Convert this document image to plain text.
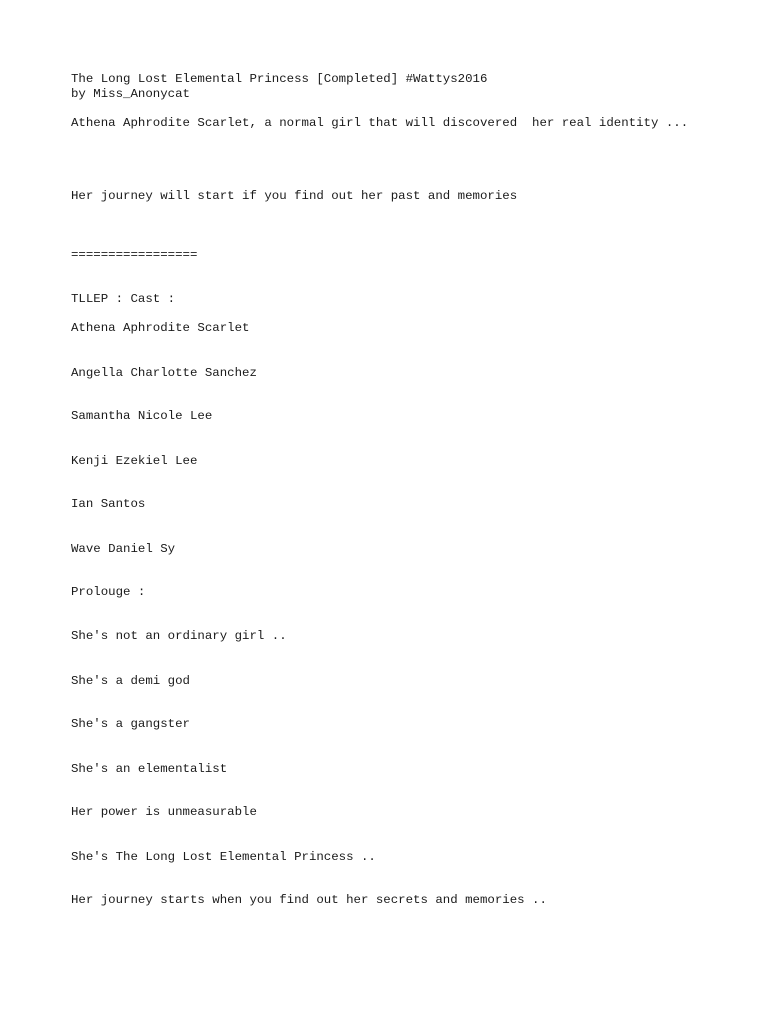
The Long Lost Elemental Princess [Completed] #Wattys2016

by Miss_Anonycat

Athena Aphrodite Scarlet, a normal girl that will discovered  her real identity ...

Her journey will start if you find out her past and memories

=================

TLLEP : Cast :

Athena Aphrodite Scarlet

Angella Charlotte Sanchez

Samantha Nicole Lee

Kenji Ezekiel Lee

Ian Santos

Wave Daniel Sy

Prolouge :

She's not an ordinary girl ..

She's a demi god

She's a gangster

She's an elementalist

Her power is unmeasurable

She's The Long Lost Elemental Princess ..

Her journey starts when you find out her secrets and memories ..
